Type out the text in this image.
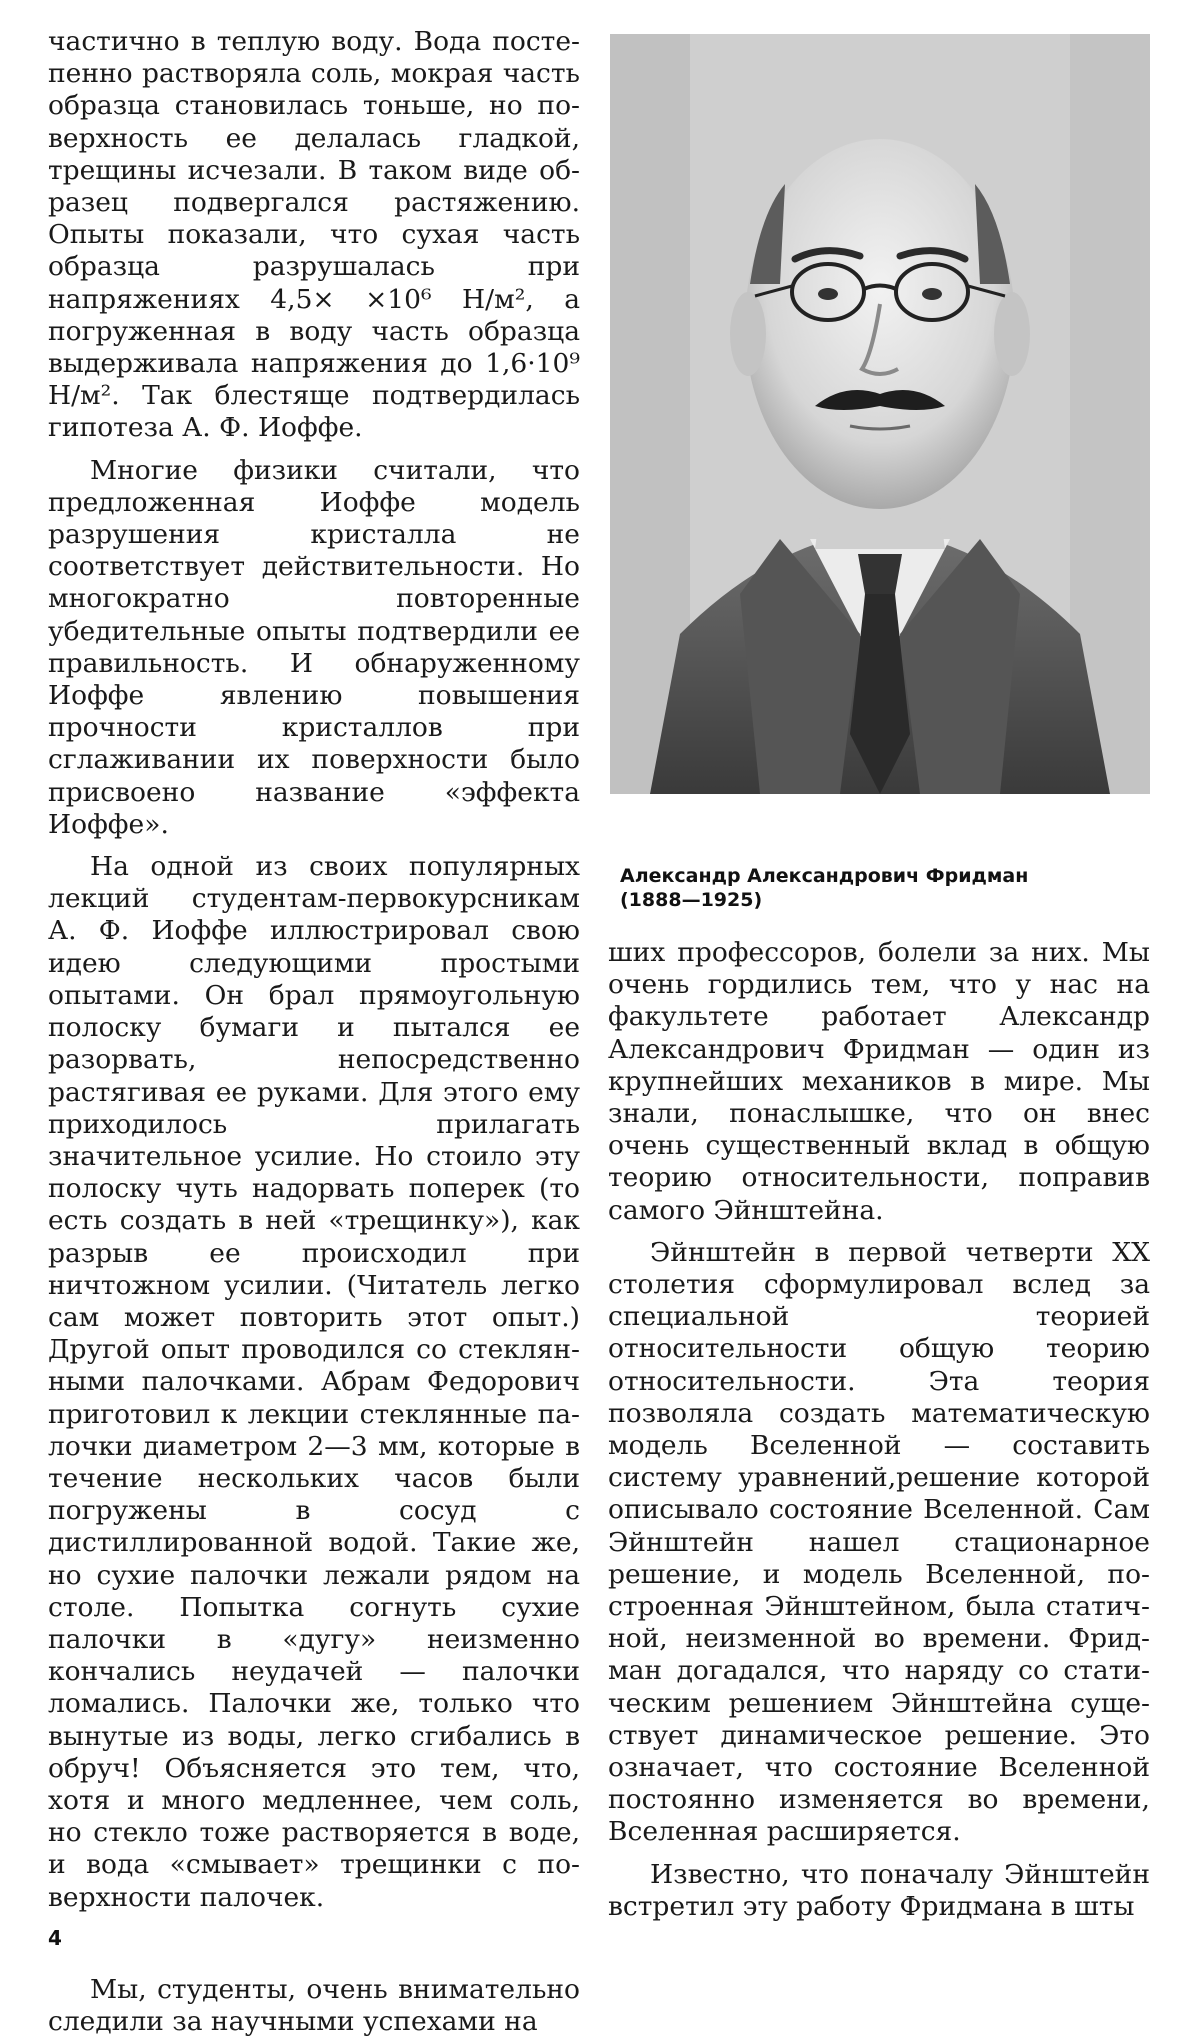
частично в теплую воду. Вода постепенно растворяла соль, мокрая часть образца становилась тоньше, но поверхность ее делалась гладкой, трещины исчезали. В таком виде образец подвергался растяжению. Опыты показали, что сухая часть образца разрушалась при напряжениях 4,5× ×10⁶ Н/м², а погруженная в воду часть образца выдерживала напряжения до 1,6·10⁹ Н/м². Так блестяще подтвердилась гипотеза А. Ф. Иоффе.

Многие физики считали, что предложенная Иоффе модель разрушения кристалла не соответствует действительности. Но многократно повторенные убедительные опыты подтвердили ее правильность. И обнаруженному Иоффе явлению повышения прочности кристаллов при сглаживании их поверхности было присвоено название «эффекта Иоффе».

На одной из своих популярных лекций студентам-первокурсникам А. Ф. Иоффе иллюстрировал свою идею следующими простыми опытами. Он брал прямоугольную полоску бумаги и пытался ее разорвать, непосредственно растягивая ее руками. Для этого ему приходилось прилагать значительное усилие. Но стоило эту полоску чуть надорвать поперек (то есть создать в ней «трещинку»), как разрыв ее происходил при ничтожном усилии. (Читатель легко сам может повторить этот опыт.) Другой опыт проводился со стеклянными палочками. Абрам Федорович приготовил к лекции стеклянные палочки диаметром 2—3 мм, которые в течение нескольких часов были погружены в сосуд с дистиллированной водой. Такие же, но сухие палочки лежали рядом на столе. Попытка согнуть сухие палочки в «дугу» неизменно кончались неудачей — палочки ломались. Палочки же, только что вынутые из воды, легко сгибались в обруч! Объясняется это тем, что, хотя и много медленнее, чем соль, но стекло тоже растворяется в воде, и вода «смывает» трещинки с поверхности палочек.

Мы, студенты, очень внимательно следили за научными успехами на

Александр Александрович Фридман
(1888—1925)

ших профессоров, болели за них. Мы очень гордились тем, что у нас на факультете работает Александр Александрович Фридман — один из крупнейших механиков в мире. Мы знали, понаслышке, что он внес очень существенный вклад в общую теорию относительности, поправив самого Эйнштейна.

Эйнштейн в первой четверти XX столетия сформулировал вслед за специальной теорией относительности общую теорию относительности. Эта теория позволяла создать математическую модель Вселенной — составить систему уравнений,решение которой описывало состояние Вселенной. Сам Эйнштейн нашел стационарное решение, и модель Вселенной, построенная Эйнштейном, была статичной, неизменной во времени. Фридман догадался, что наряду со статическим решением Эйнштейна существует динамическое решение. Это означает, что состояние Вселенной постоянно изменяется во времени, Вселенная расширяется.

Известно, что поначалу Эйнштейн встретил эту работу Фридмана в шты

4
